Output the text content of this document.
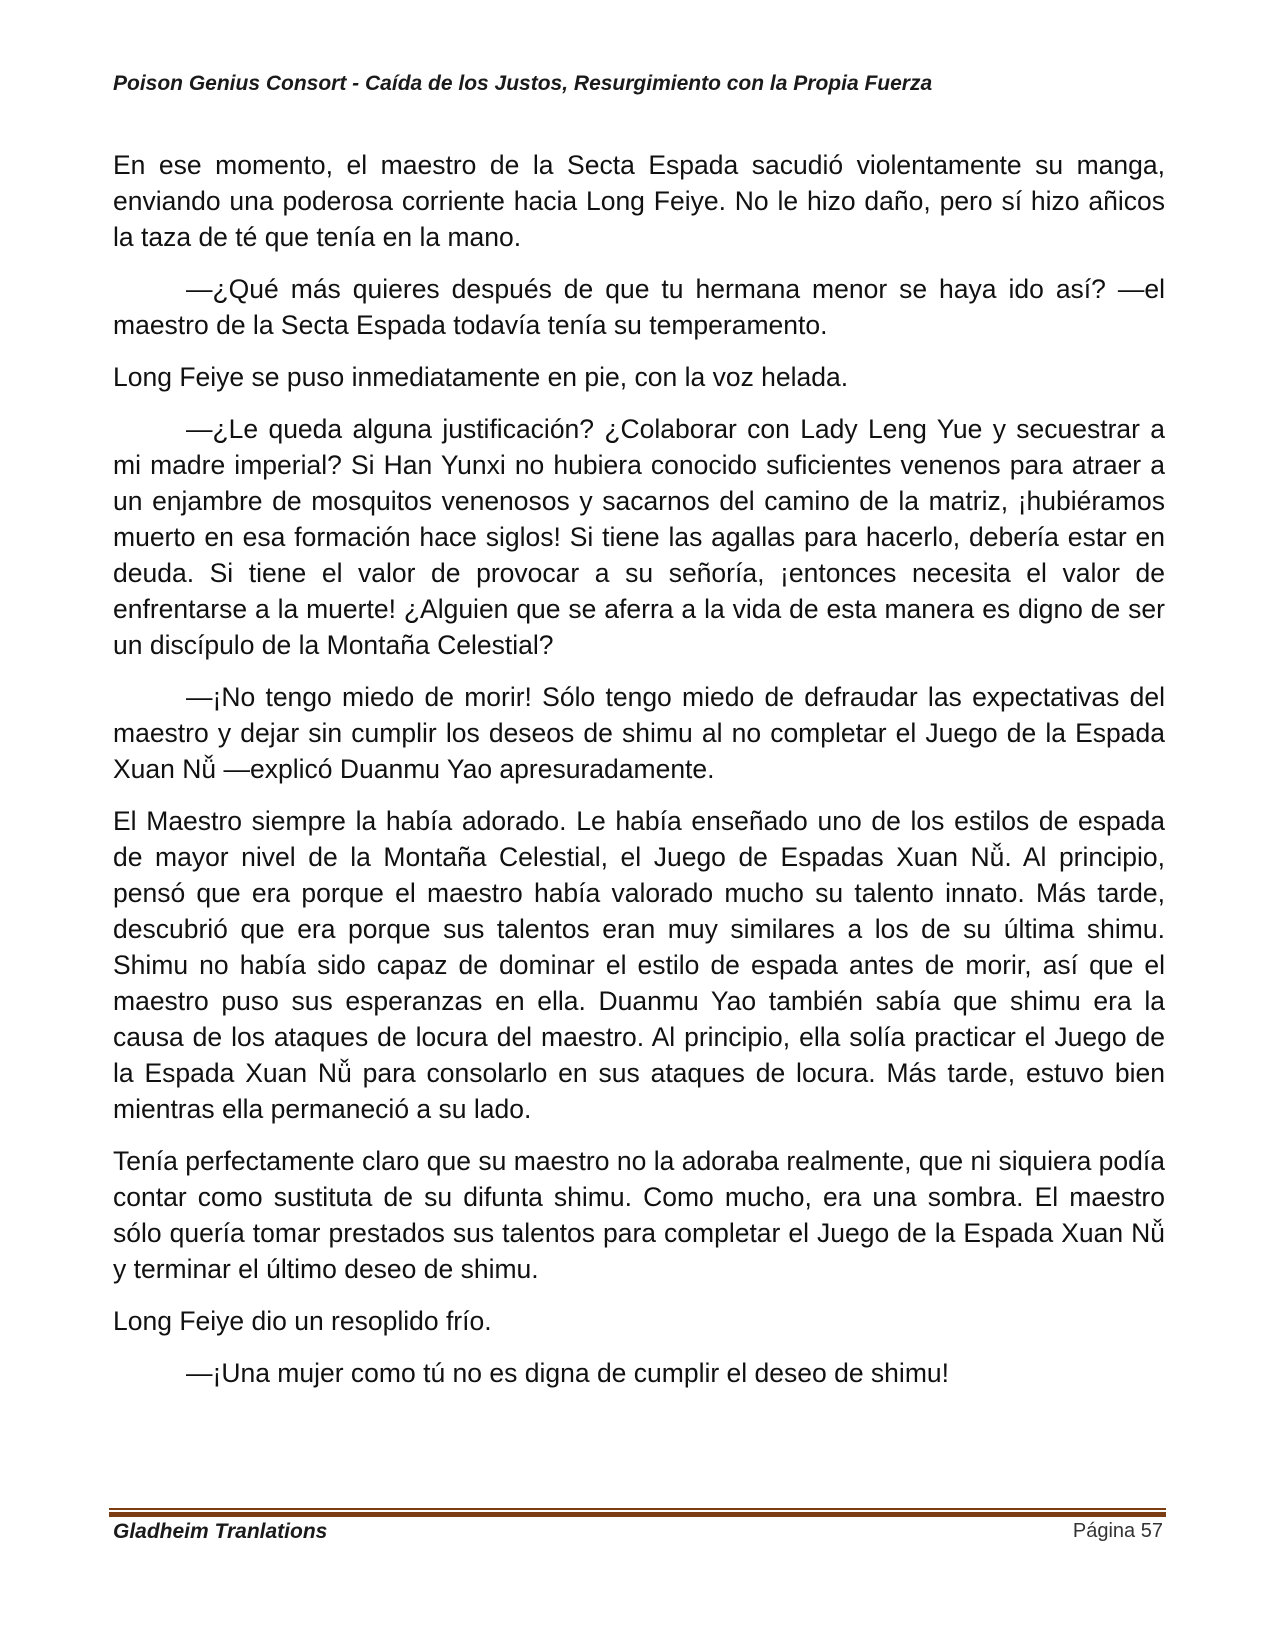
Poison Genius Consort - Caída de los Justos, Resurgimiento con la Propia Fuerza

En ese momento, el maestro de la Secta Espada sacudió violentamente su manga, enviando una poderosa corriente hacia Long Feiye. No le hizo daño, pero sí hizo añicos la taza de té que tenía en la mano.

—¿Qué más quieres después de que tu hermana menor se haya ido así? —el maestro de la Secta Espada todavía tenía su temperamento.

Long Feiye se puso inmediatamente en pie, con la voz helada.

—¿Le queda alguna justificación? ¿Colaborar con Lady Leng Yue y secuestrar a mi madre imperial? Si Han Yunxi no hubiera conocido suficientes venenos para atraer a un enjambre de mosquitos venenosos y sacarnos del camino de la matriz, ¡hubiéramos muerto en esa formación hace siglos! Si tiene las agallas para hacerlo, debería estar en deuda. Si tiene el valor de provocar a su señoría, ¡entonces necesita el valor de enfrentarse a la muerte! ¿Alguien que se aferra a la vida de esta manera es digno de ser un discípulo de la Montaña Celestial?

—¡No tengo miedo de morir! Sólo tengo miedo de defraudar las expectativas del maestro y dejar sin cumplir los deseos de shimu al no completar el Juego de la Espada Xuan Nǚ —explicó Duanmu Yao apresuradamente.

El Maestro siempre la había adorado. Le había enseñado uno de los estilos de espada de mayor nivel de la Montaña Celestial, el Juego de Espadas Xuan Nǚ. Al principio, pensó que era porque el maestro había valorado mucho su talento innato. Más tarde, descubrió que era porque sus talentos eran muy similares a los de su última shimu. Shimu no había sido capaz de dominar el estilo de espada antes de morir, así que el maestro puso sus esperanzas en ella. Duanmu Yao también sabía que shimu era la causa de los ataques de locura del maestro. Al principio, ella solía practicar el Juego de la Espada Xuan Nǚ para consolarlo en sus ataques de locura. Más tarde, estuvo bien mientras ella permaneció a su lado.

Tenía perfectamente claro que su maestro no la adoraba realmente, que ni siquiera podía contar como sustituta de su difunta shimu. Como mucho, era una sombra. El maestro sólo quería tomar prestados sus talentos para completar el Juego de la Espada Xuan Nǚ y terminar el último deseo de shimu.

Long Feiye dio un resoplido frío.

—¡Una mujer como tú no es digna de cumplir el deseo de shimu!

Gladheim Tranlations	Página 57
